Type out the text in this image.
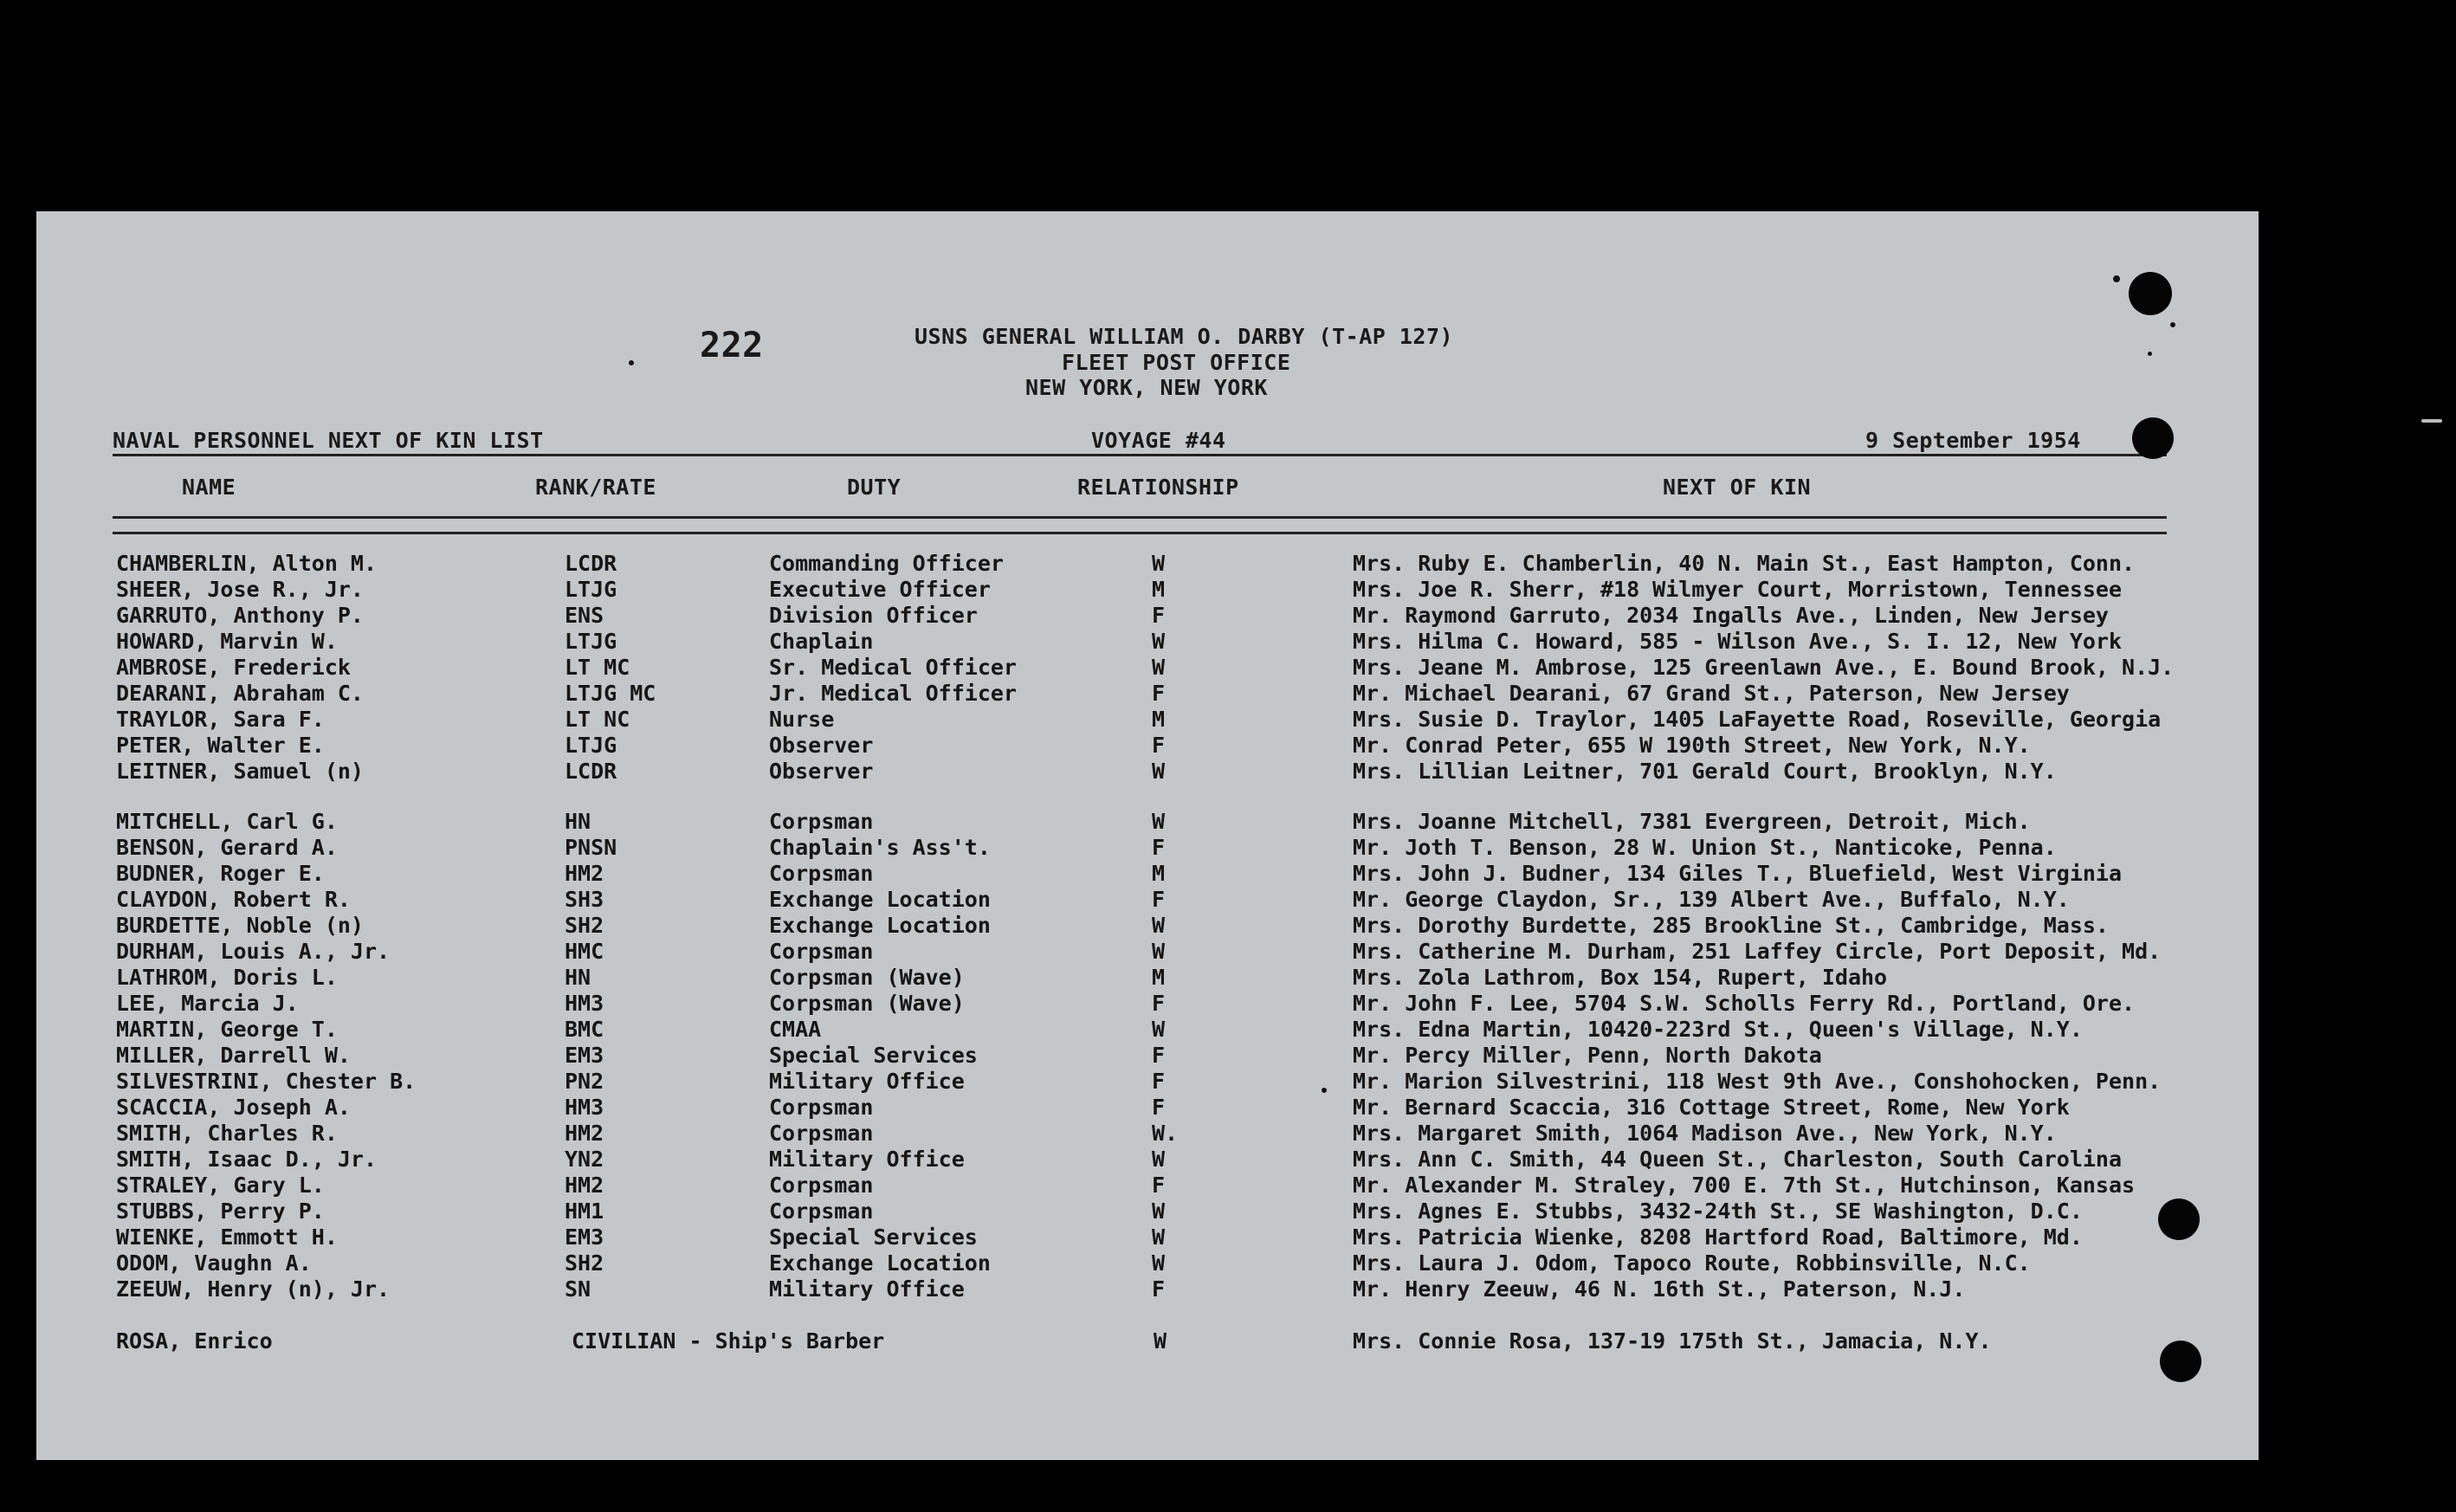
222	USNS GENERAL WILLIAM O. DARBY (T-AP 127)
FLEET POST OFFICE
NEW YORK, NEW YORK
NAVAL PERSONNEL NEXT OF KIN LIST	VOYAGE #44	9 September 1954
NAME	RANK/RATE	DUTY	RELATIONSHIP	NEXT OF KIN
CHAMBERLIN, Alton M.	LCDR	Commanding Officer	W	Mrs. Ruby E. Chamberlin, 40 N. Main St., East Hampton, Conn.
SHEER, Jose R., Jr.	LTJG	Executive Officer	M	Mrs. Joe R. Sherr, #18 Wilmyer Court, Morristown, Tennessee
GARRUTO, Anthony P.	ENS	Division Officer	F	Mr. Raymond Garruto, 2034 Ingalls Ave., Linden, New Jersey
HOWARD, Marvin W.	LTJG	Chaplain	W	Mrs. Hilma C. Howard, 585 - Wilson Ave., S. I. 12, New York
AMBROSE, Frederick	LT MC	Sr. Medical Officer	W	Mrs. Jeane M. Ambrose, 125 Greenlawn Ave., E. Bound Brook, N.J.
DEARANI, Abraham C.	LTJG MC	Jr. Medical Officer	F	Mr. Michael Dearani, 67 Grand St., Paterson, New Jersey
TRAYLOR, Sara F.	LT NC	Nurse	M	Mrs. Susie D. Traylor, 1405 LaFayette Road, Roseville, Georgia
PETER, Walter E.	LTJG	Observer	F	Mr. Conrad Peter, 655 W 190th Street, New York, N.Y.
LEITNER, Samuel (n)	LCDR	Observer	W	Mrs. Lillian Leitner, 701 Gerald Court, Brooklyn, N.Y.
MITCHELL, Carl G.	HN	Corpsman	W	Mrs. Joanne Mitchell, 7381 Evergreen, Detroit, Mich.
BENSON, Gerard A.	PNSN	Chaplain's Ass't.	F	Mr. Joth T. Benson, 28 W. Union St., Nanticoke, Penna.
BUDNER, Roger E.	HM2	Corpsman	M	Mrs. John J. Budner, 134 Giles T., Bluefield, West Virginia
CLAYDON, Robert R.	SH3	Exchange Location	F	Mr. George Claydon, Sr., 139 Albert Ave., Buffalo, N.Y.
BURDETTE, Noble (n)	SH2	Exchange Location	W	Mrs. Dorothy Burdette, 285 Brookline St., Cambridge, Mass.
DURHAM, Louis A., Jr.	HMC	Corpsman	W	Mrs. Catherine M. Durham, 251 Laffey Circle, Port Deposit, Md.
LATHROM, Doris L.	HN	Corpsman (Wave)	M	Mrs. Zola Lathrom, Box 154, Rupert, Idaho
LEE, Marcia J.	HM3	Corpsman (Wave)	F	Mr. John F. Lee, 5704 S.W. Scholls Ferry Rd., Portland, Ore.
MARTIN, George T.	BMC	CMAA	W	Mrs. Edna Martin, 10420-223rd St., Queen's Village, N.Y.
MILLER, Darrell W.	EM3	Special Services	F	Mr. Percy Miller, Penn, North Dakota
SILVESTRINI, Chester B.	PN2	Military Office	F	Mr. Marion Silvestrini, 118 West 9th Ave., Conshohocken, Penn.
SCACCIA, Joseph A.	HM3	Corpsman	F	Mr. Bernard Scaccia, 316 Cottage Street, Rome, New York
SMITH, Charles R.	HM2	Corpsman	W.	Mrs. Margaret Smith, 1064 Madison Ave., New York, N.Y.
SMITH, Isaac D., Jr.	YN2	Military Office	W	Mrs. Ann C. Smith, 44 Queen St., Charleston, South Carolina
STRALEY, Gary L.	HM2	Corpsman	F	Mr. Alexander M. Straley, 700 E. 7th St., Hutchinson, Kansas
STUBBS, Perry P.	HM1	Corpsman	W	Mrs. Agnes E. Stubbs, 3432-24th St., SE Washington, D.C.
WIENKE, Emmott H.	EM3	Special Services	W	Mrs. Patricia Wienke, 8208 Hartford Road, Baltimore, Md.
ODOM, Vaughn A.	SH2	Exchange Location	W	Mrs. Laura J. Odom, Tapoco Route, Robbinsville, N.C.
ZEEUW, Henry (n), Jr.	SN	Military Office	F	Mr. Henry Zeeuw, 46 N. 16th St., Paterson, N.J.
ROSA, Enrico	CIVILIAN - Ship's Barber	W	Mrs. Connie Rosa, 137-19 175th St., Jamacia, N.Y.
